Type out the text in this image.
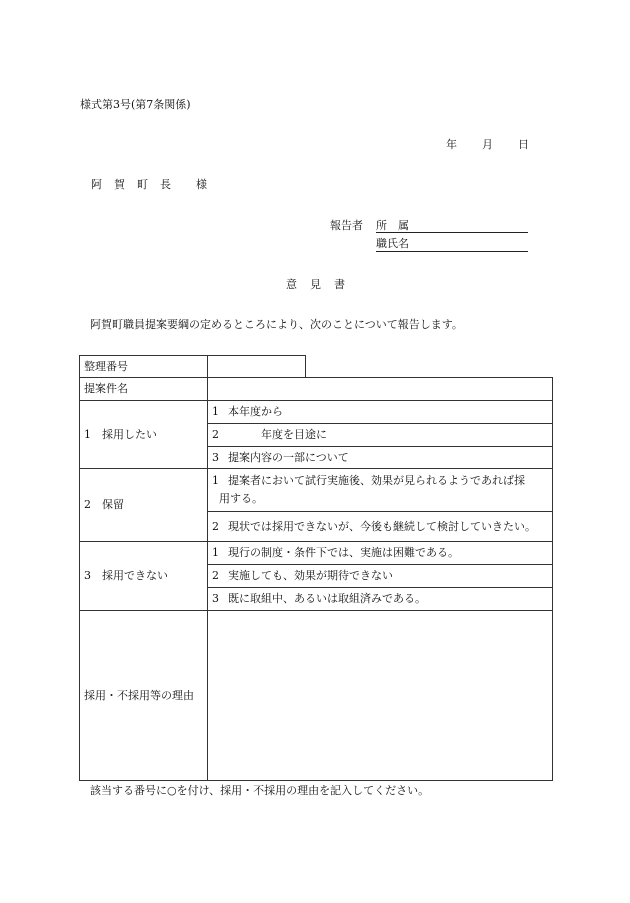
様式第3号(第7条関係)
年 月 日
阿 賀 町 長 様
報告者 所　属
職氏名
意 見 書
阿賀町職員提案要綱の定めるところにより、次のことについて報告します。
整理番号
提案件名	
1　採用したい	1 本年度から
	2　　　年度を目途に
	3 提案内容の一部について
2　保留	1 提案者において試行実施後、効果が見られるようであれば採
用する。

	2 現状では採用できないが、今後も継続して検討していきたい。
3　採用できない	1 現行の制度・条件下では、実施は困難である。
	2 実施しても、効果が期待できない
	3 既に取組中、あるいは取組済みである。
採用・不採用等の理由	
該当する番号に○を付け、採用・不採用の理由を記入してください。
